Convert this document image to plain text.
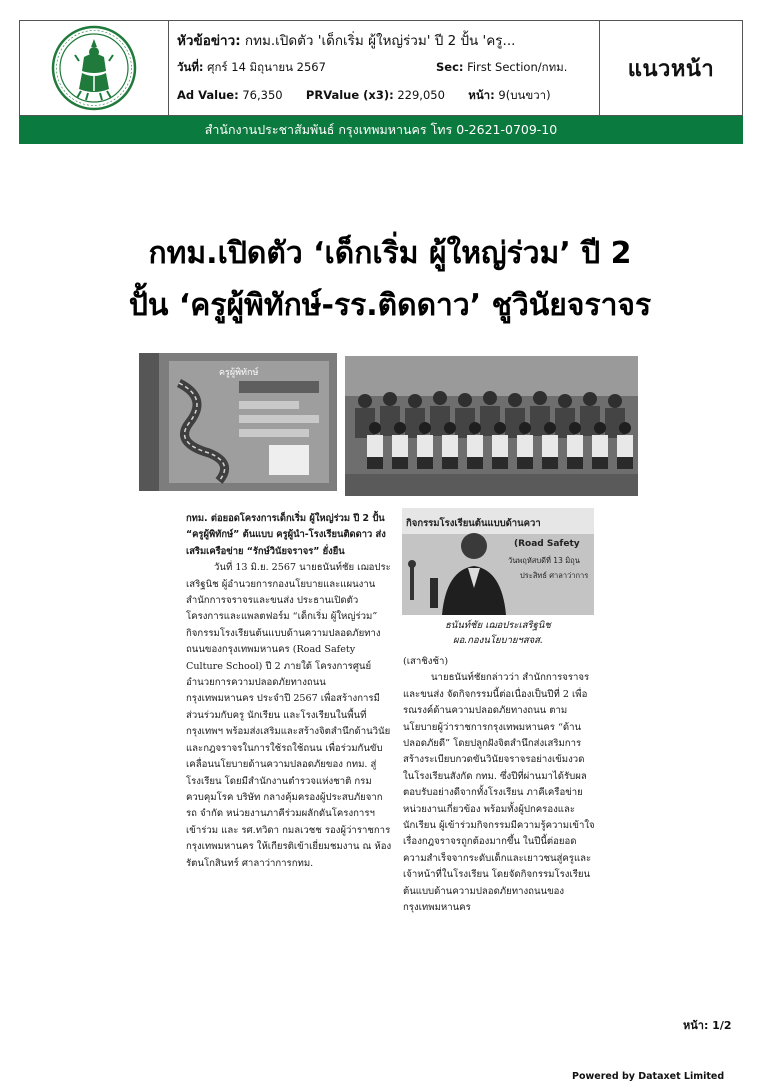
หัวข้อข่าว: กทม.เปิดตัว 'เด็กเริ่ม ผู้ใหญ่ร่วม' ปี 2 ปั้น 'ครู...
วันที่: ศุกร์ 14 มิถุนายน 2567	Sec: First Section/กทม.
Ad Value: 76,350 PRValue (x3): 229,050 หน้า: 9(บนขวา)
แนวหน้า
สำนักงานประชาสัมพันธ์ กรุงเทพมหานคร โทร 0-2621-0709-10
กทม.เปิดตัว ‘เด็กเริ่ม ผู้ใหญ่ร่วม’ ปี 2
ปั้น ‘ครูผู้พิทักษ์-รร.ติดดาว’ ชูวินัยจราจร
ครูผู้พิทักษ์
กิจกรรมโรงเรียนต้นแบบด้านควา
(Road Safety
วันพฤหัสบดีที่ 13 มิถุน
ประสิทธ์ ศาลาว่าการ
ธนันท์ชัย เฌอประเสริฐนิช
ผอ.กองนโยบายฯสจส.

กทม. ต่อยอดโครงการเด็กเริ่ม ผู้ใหญ่ร่วม ปี 2 ปั้น “ครูผู้พิทักษ์” ต้นแบบ ครูผู้นำ-โรงเรียนติดดาว ส่งเสริมเครือข่าย “รักษ์วินัยจราจร” ยั่งยืน

วันที่ 13 มิ.ย. 2567 นายธนันท์ชัย เฌอประเสริฐนิช ผู้อำนวยการกองนโยบายและแผนงาน สำนักการจราจรและขนส่ง ประธานเปิดตัวโครงการและแพลตฟอร์ม “เด็กเริ่ม ผู้ใหญ่ร่วม” กิจกรรมโรงเรียนต้นแบบด้านความปลอดภัยทางถนนของกรุงเทพมหานคร (Road Safety Culture School) ปี 2 ภายใต้ โครงการศูนย์อำนวยการความปลอดภัยทางถนนกรุงเทพมหานคร ประจำปี 2567 เพื่อสร้างการมีส่วนร่วมกับครู นักเรียน และโรงเรียนในพื้นที่กรุงเทพฯ พร้อมส่งเสริมและสร้างจิตสำนึกด้านวินัยและกฎจราจรในการใช้รถใช้ถนน เพื่อร่วมกันขับเคลื่อนนโยบายด้านความปลอดภัยของ กทม. สู่โรงเรียน โดยมีสำนักงานตำรวจแห่งชาติ กรมควบคุมโรค บริษัท กลางคุ้มครองผู้ประสบภัยจากรถ จำกัด หน่วยงานภาคีร่วมผลักดันโครงการฯ เข้าร่วม และ รศ.ทวิดา กมลเวชช รองผู้ว่าราชการกรุงเทพมหานคร ให้เกียรติเข้าเยี่ยมชมงาน ณ ห้องรัตนโกสินทร์ ศาลาว่าการกทม.

(เสาชิงช้า)

นายธนันท์ชัยกล่าวว่า สำนักการจราจรและขนส่ง จัดกิจกรรมนี้ต่อเนื่องเป็นปีที่ 2 เพื่อรณรงค์ด้านความปลอดภัยทางถนน ตามนโยบายผู้ว่าราชการกรุงเทพมหานคร “ด้านปลอดภัยดี” โดยปลูกฝังจิตสำนึกส่งเสริมการสร้างระเบียบกวดขันวินัยจราจรอย่างเข้มงวด ในโรงเรียนสังกัด กทม. ซึ่งปีที่ผ่านมาได้รับผลตอบรับอย่างดีจากทั้งโรงเรียน ภาคีเครือข่าย หน่วยงานเกี่ยวข้อง พร้อมทั้งผู้ปกครองและนักเรียน ผู้เข้าร่วมกิจกรรมมีความรู้ความเข้าใจเรื่องกฎจราจรถูกต้องมากขึ้น ในปีนี้ต่อยอดความสำเร็จจากระดับเด็กและเยาวชนสู่ครูและเจ้าหน้าที่ในโรงเรียน โดยจัดกิจกรรมโรงเรียนต้นแบบด้านความปลอดภัยทางถนนของกรุงเทพมหานคร

หน้า: 1/2
Powered by Dataxet Limited
